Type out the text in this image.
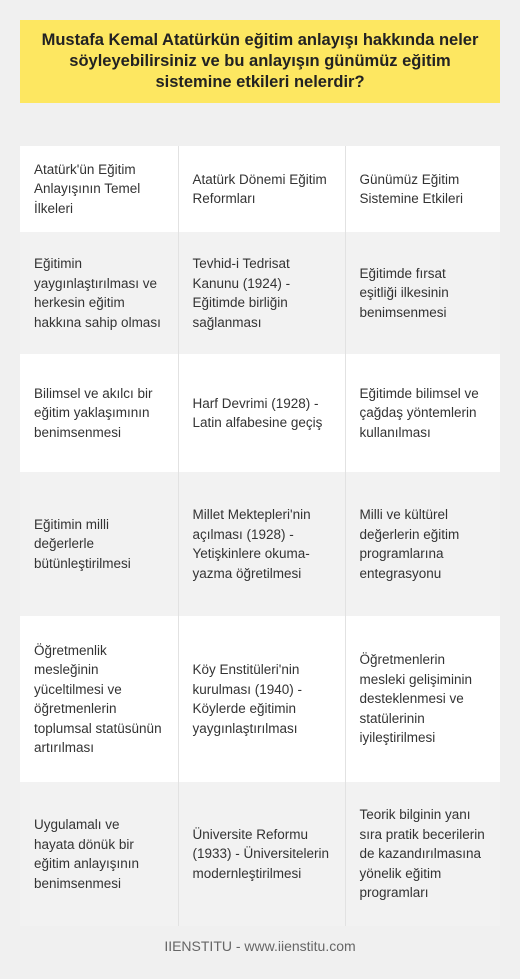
Mustafa Kemal Atatürkün eğitim anlayışı hakkında neler söyleyebilirsiniz ve bu anlayışın günümüz eğitim sistemine etkileri nelerdir?
Atatürk'ün Eğitim Anlayışının Temel İlkeleri	Atatürk Dönemi Eğitim Reformları	Günümüz Eğitim Sistemine Etkileri
Eğitimin yaygınlaştırılması ve herkesin eğitim hakkına sahip olması	Tevhid-i Tedrisat Kanunu (1924) - Eğitimde birliğin sağlanması	Eğitimde fırsat eşitliği ilkesinin benimsenmesi
Bilimsel ve akılcı bir eğitim yaklaşımının benimsenmesi	Harf Devrimi (1928) - Latin alfabesine geçiş	Eğitimde bilimsel ve çağdaş yöntemlerin kullanılması
Eğitimin milli değerlerle bütünleştirilmesi	Millet Mektepleri'nin açılması (1928) - Yetişkinlere okuma-yazma öğretilmesi	Milli ve kültürel değerlerin eğitim programlarına entegrasyonu
Öğretmenlik mesleğinin yüceltilmesi ve öğretmenlerin toplumsal statüsünün artırılması	Köy Enstitüleri'nin kurulması (1940) - Köylerde eğitimin yaygınlaştırılması	Öğretmenlerin mesleki gelişiminin desteklenmesi ve statülerinin iyileştirilmesi
Uygulamalı ve hayata dönük bir eğitim anlayışının benimsenmesi	Üniversite Reformu (1933) - Üniversitelerin modernleştirilmesi	Teorik bilginin yanı sıra pratik becerilerin de kazandırılmasına yönelik eğitim programları
IIENSTITU - www.iienstitu.com
